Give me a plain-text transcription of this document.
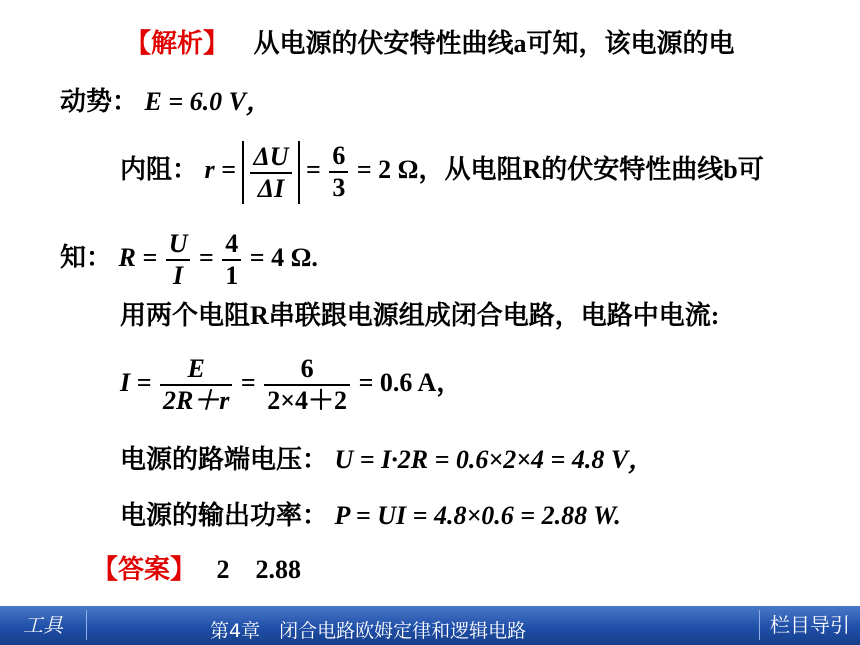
【解析】 从电源的伏安特性曲线a可知，该电源的电
动势： E = 6.0 V，
内阻： $r = \frac{\Delta U}{\Delta I} = \frac{6}{3} = 2$ Ω，从电阻R的伏安特性曲线b可
知： $R = \frac{U}{I} = \frac{4}{1} = 4$ Ω.
用两个电阻R串联跟电源组成闭合电路，电路中电流:
$I = \frac{E}{2R+r} = \frac{6}{2\times 4+2} = 0.6$ A，
电源的路端电压： U = I·2R = 0.6×2×4 = 4.8 V，
电源的输出功率： P = UI = 4.8×0.6 = 2.88 W.
【答案】 2　2.88
工具	第4章　闭合电路欧姆定律和逻辑电路	栏目导引
